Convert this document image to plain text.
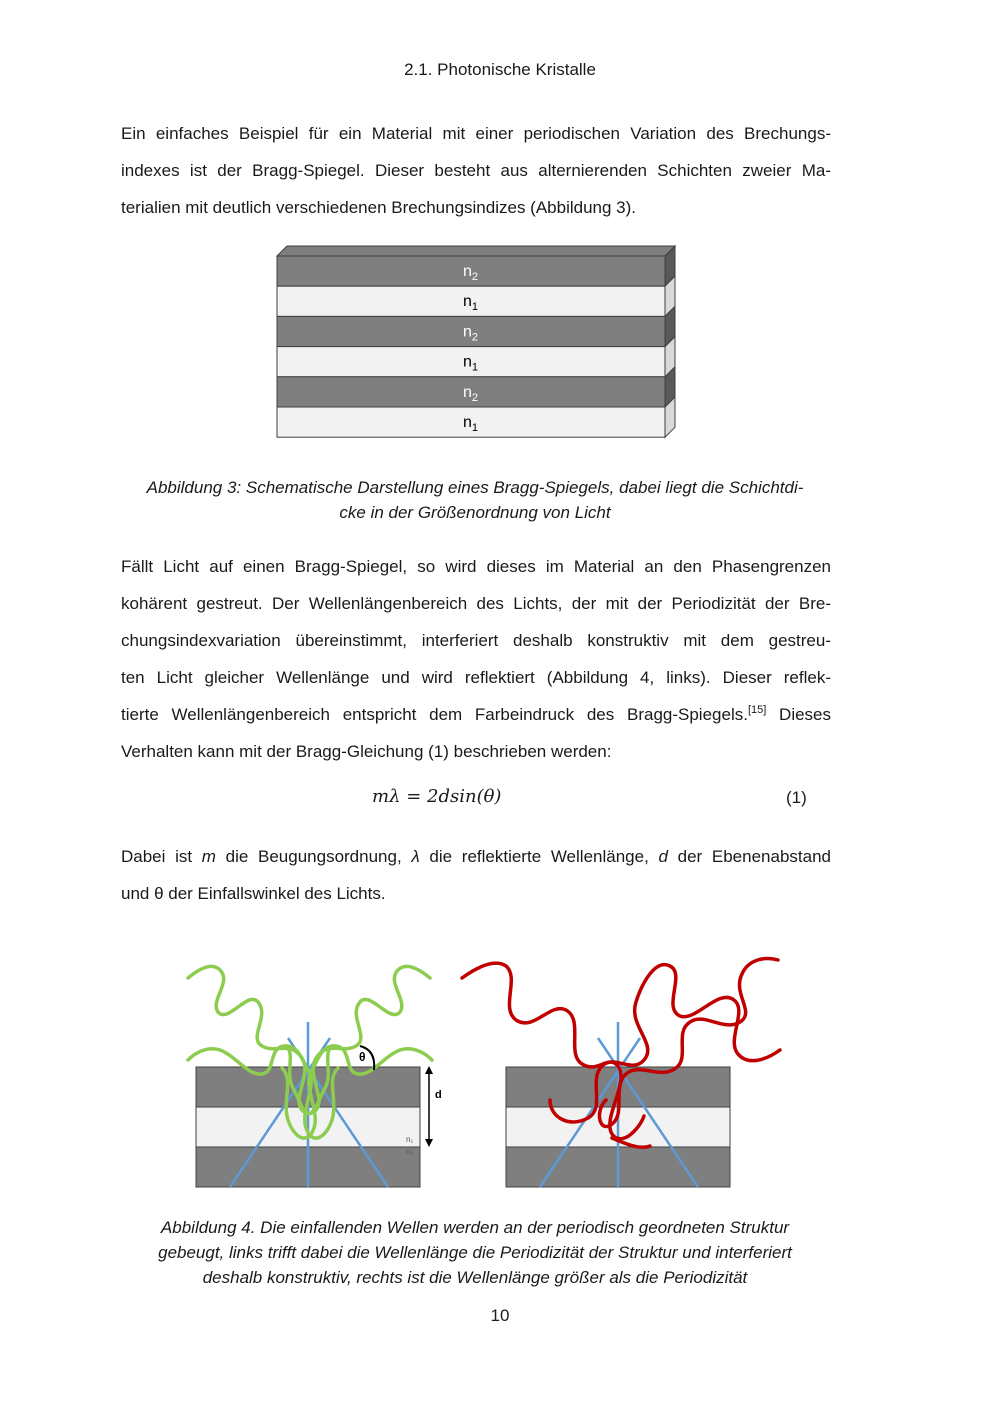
2.1. Photonische Kristalle
Ein einfaches Beispiel für ein Material mit einer periodischen Variation des Brechungs-
indexes ist der Bragg-Spiegel. Dieser besteht aus alternierenden Schichten zweier Ma-
terialien mit deutlich verschiedenen Brechungsindizes (Abbildung 3).
$n_2$
$n_1$
$n_2$
$n_1$
$n_2$
$n_1$
Abbildung 3: Schematische Darstellung eines Bragg-Spiegels, dabei liegt die Schichtdi-
cke in der Größenordnung von Licht
Fällt Licht auf einen Bragg-Spiegel, so wird dieses im Material an den Phasengrenzen
kohärent gestreut. Der Wellenlängenbereich des Lichts, der mit der Periodizität der Bre-
chungsindexvariation übereinstimmt, interferiert deshalb konstruktiv mit dem gestreu-
ten Licht gleicher Wellenlänge und wird reflektiert (Abbildung 4, links). Dieser reflek-
tierte Wellenlängenbereich entspricht dem Farbeindruck des Bragg-Spiegels.[15] Dieses
Verhalten kann mit der Bragg-Gleichung (1) beschrieben werden:
mλ = 2dsin(θ)	(1)
Dabei ist m die Beugungsordnung, λ die reflektierte Wellenlänge, d der Ebenenabstand
und θ der Einfallswinkel des Lichts.
θ
d
n₁
n₂
Abbildung 4. Die einfallenden Wellen werden an der periodisch geordneten Struktur
gebeugt, links trifft dabei die Wellenlänge die Periodizität der Struktur und interferiert
deshalb konstruktiv, rechts ist die Wellenlänge größer als die Periodizität
10
